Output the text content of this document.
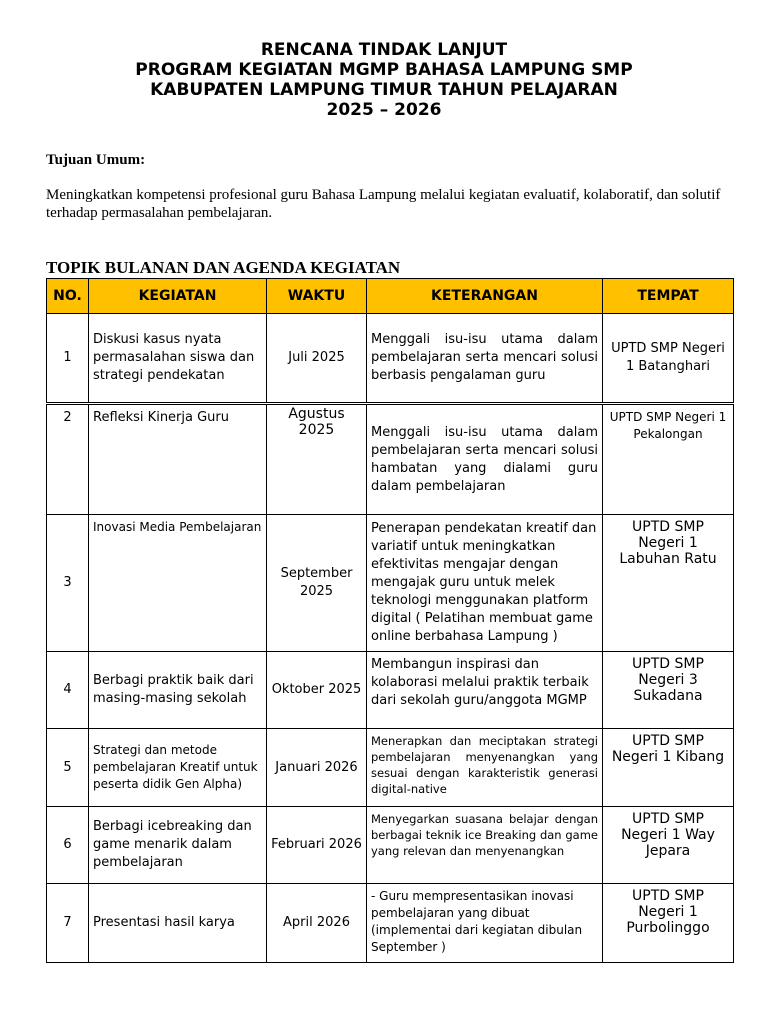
RENCANA TINDAK LANJUT
PROGRAM KEGIATAN MGMP BAHASA LAMPUNG SMP
KABUPATEN LAMPUNG TIMUR TAHUN PELAJARAN
2025 – 2026
Tujuan Umum:
Meningkatkan kompetensi profesional guru Bahasa Lampung melalui kegiatan evaluatif, kolaboratif, dan solutif terhadap permasalahan pembelajaran.
TOPIK BULANAN DAN AGENDA KEGIATAN
NO.	KEGIATAN	WAKTU	KETERANGAN	TEMPAT
1	Diskusi kasus nyata permasalahan siswa dan strategi pendekatan	Juli 2025	Menggali isu-isu utama dalam pembelajaran serta mencari solusi berbasis pengalaman guru	UPTD SMP Negeri 1 Batanghari
2	Refleksi Kinerja Guru	Agustus 2025	Menggali isu-isu utama dalam pembelajaran serta mencari solusi hambatan yang dialami guru dalam pembelajaran	UPTD SMP Negeri 1 Pekalongan
3	Inovasi Media Pembelajaran	September 2025	Penerapan pendekatan kreatif dan variatif untuk meningkatkan efektivitas mengajar dengan mengajak guru untuk melek teknologi menggunakan platform digital ( Pelatihan membuat game online berbahasa Lampung )	UPTD SMP Negeri 1 Labuhan Ratu
4	Berbagi praktik baik dari masing-masing sekolah	Oktober 2025	Membangun inspirasi dan kolaborasi melalui praktik terbaik dari sekolah guru/anggota MGMP	UPTD SMP Negeri 3 Sukadana
5	Strategi dan metode pembelajaran Kreatif untuk peserta didik Gen Alpha)	Januari 2026	Menerapkan dan meciptakan strategi pembelajaran menyenangkan yang sesuai dengan karakteristik generasi digital-native	UPTD SMP Negeri 1 Kibang
6	Berbagi icebreaking dan game menarik dalam pembelajaran	Februari 2026	Menyegarkan suasana belajar dengan berbagai teknik ice Breaking dan game yang relevan dan menyenangkan	UPTD SMP Negeri 1 Way Jepara
7	Presentasi hasil karya	April 2026	- Guru mempresentasikan inovasi pembelajaran yang dibuat (implementai dari kegiatan dibulan September )	UPTD SMP Negeri 1 Purbolinggo
